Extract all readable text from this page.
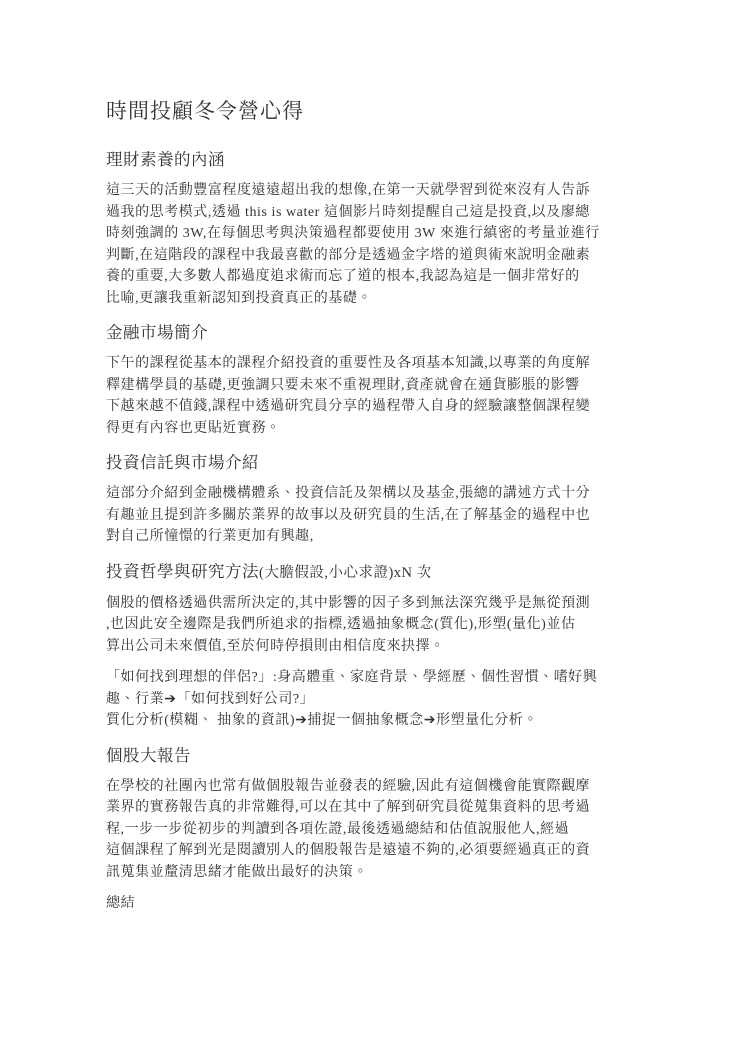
時間投顧冬令營心得
理財素養的內涵
這三天的活動豐富程度遠遠超出我的想像,在第一天就學習到從來沒有人告訴
過我的思考模式,透過 this is water 這個影片時刻提醒自己這是投資,以及廖總
時刻強調的 3W,在每個思考與決策過程都要使用 3W 來進行縝密的考量並進行
判斷,在這階段的課程中我最喜歡的部分是透過金字塔的道與術來說明金融素
養的重要,大多數人都過度追求術而忘了道的根本,我認為這是一個非常好的
比喻,更讓我重新認知到投資真正的基礎。
金融市場簡介
下午的課程從基本的課程介紹投資的重要性及各項基本知識,以專業的角度解
釋建構學員的基礎,更強調只要未來不重視理財,資產就會在通貨膨脹的影響
下越來越不值錢,課程中透過研究員分享的過程帶入自身的經驗讓整個課程變
得更有內容也更貼近實務。
投資信託與市場介紹
這部分介紹到金融機構體系、投資信託及架構以及基金,張總的講述方式十分
有趣並且提到許多關於業界的故事以及研究員的生活,在了解基金的過程中也
對自己所憧憬的行業更加有興趣,
投資哲學與研究方法(大膽假設,小心求證)xN 次
個股的價格透過供需所決定的,其中影響的因子多到無法深究幾乎是無從預測
,也因此安全邊際是我們所追求的指標,透過抽象概念(質化),形塑(量化)並估
算出公司未來價值,至於何時停損則由相信度來抉擇。
「如何找到理想的伴侶?」:身高體重、家庭背景、學經歷、個性習慣、嗜好興
趣、行業➔「如何找到好公司?」
質化分析(模糊、 抽象的資訊)➔捕捉一個抽象概念➔形塑量化分析。
個股大報告
在學校的社團內也常有做個股報告並發表的經驗,因此有這個機會能實際觀摩
業界的實務報告真的非常難得,可以在其中了解到研究員從蒐集資料的思考過
程,一步一步從初步的判讀到各項佐證,最後透過總結和估值說服他人,經過
這個課程了解到光是閱讀別人的個股報告是遠遠不夠的,必須要經過真正的資
訊蒐集並釐清思緒才能做出最好的決策。
總結
